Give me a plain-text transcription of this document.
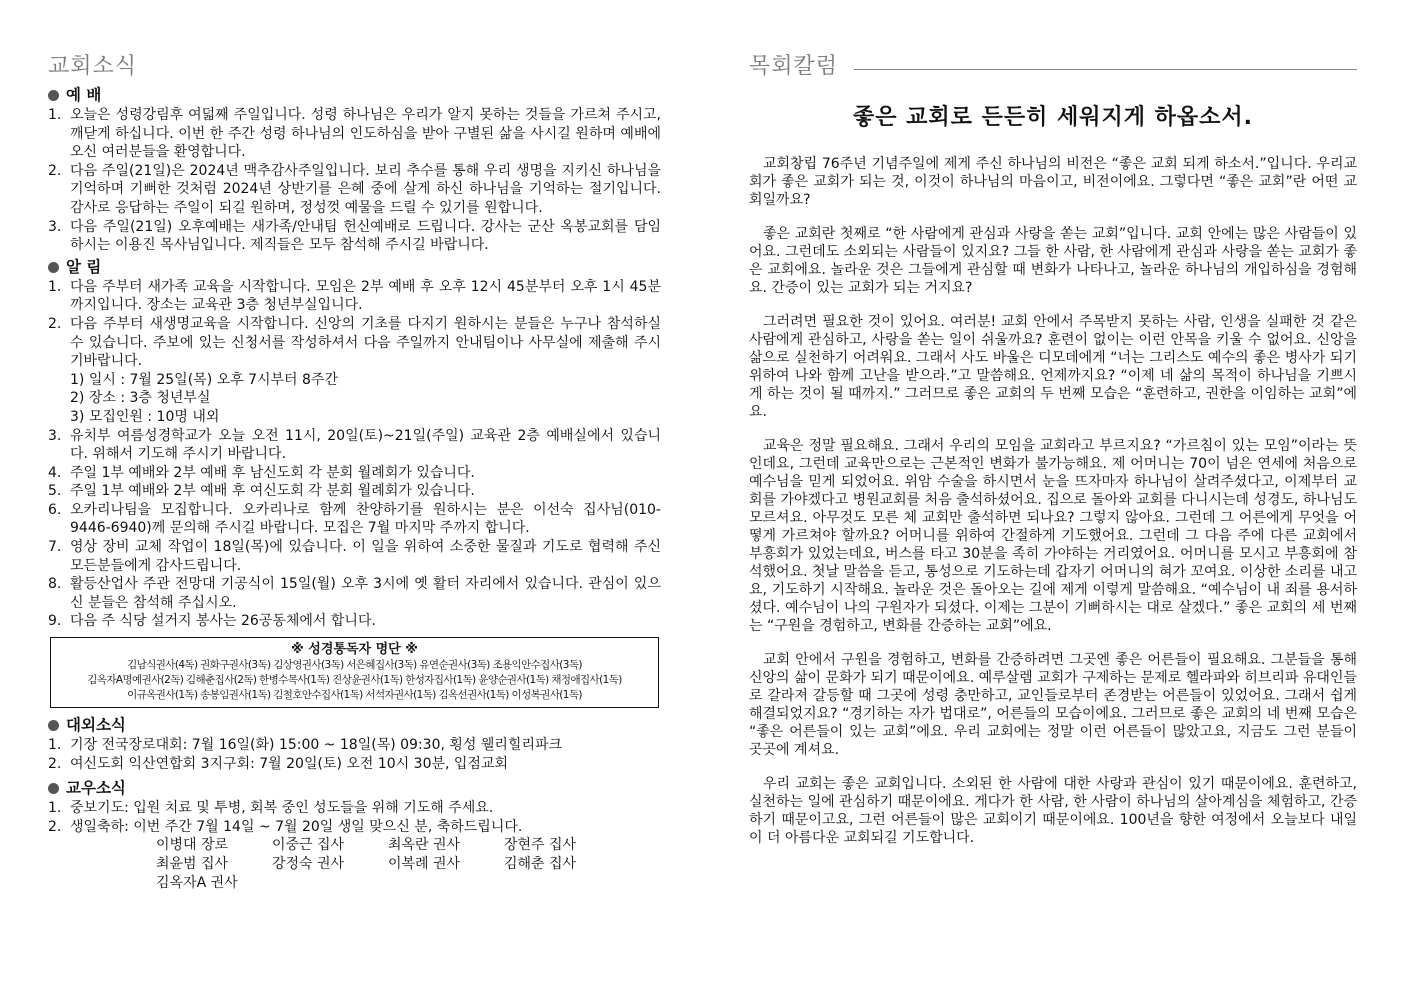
교회소식
예 배
1. 오늘은 성령강림후 여덟째 주일입니다. 성령 하나님은 우리가 알지 못하는 것들을 가르쳐 주시고, 깨닫게 하십니다. 이번 한 주간 성령 하나님의 인도하심을 받아 구별된 삶을 사시길 원하며 예배에 오신 여러분들을 환영합니다.
2. 다음 주일(21일)은 2024년 맥추감사주일입니다. 보리 추수를 통해 우리 생명을 지키신 하나님을 기억하며 기뻐한 것처럼 2024년 상반기를 은혜 중에 살게 하신 하나님을 기억하는 절기입니다. 감사로 응답하는 주일이 되길 원하며, 정성껏 예물을 드릴 수 있기를 원합니다.
3. 다음 주일(21일) 오후예배는 새가족/안내팀 헌신예배로 드립니다. 강사는 군산 옥봉교회를 담임하시는 이용진 목사님입니다. 제직들은 모두 참석해 주시길 바랍니다.
알 림
1. 다음 주부터 새가족 교육을 시작합니다. 모임은 2부 예배 후 오후 12시 45분부터 오후 1시 45분까지입니다. 장소는 교육관 3층 청년부실입니다.
2. 다음 주부터 새생명교육을 시작합니다. 신앙의 기초를 다지기 원하시는 분들은 누구나 참석하실 수 있습니다. 주보에 있는 신청서를 작성하셔서 다음 주일까지 안내팀이나 사무실에 제출해 주시기바랍니다.
1) 일시 : 7월 25일(목) 오후 7시부터 8주간
2) 장소 : 3층 청년부실
3) 모집인원 : 10명 내외
3. 유치부 여름성경학교가 오늘 오전 11시, 20일(토)~21일(주일) 교육관 2층 예배실에서 있습니다. 위해서 기도해 주시기 바랍니다.
4. 주일 1부 예배와 2부 예배 후 남신도회 각 분회 월례회가 있습니다.
5. 주일 1부 예배와 2부 예배 후 여신도회 각 분회 월례회가 있습니다.
6. 오카리나팀을 모집합니다. 오카리나로 함께 찬양하기를 원하시는 분은 이선숙 집사님(010-9446-6940)께 문의해 주시길 바랍니다. 모집은 7월 마지막 주까지 합니다.
7. 영상 장비 교체 작업이 18일(목)에 있습니다. 이 일을 위하여 소중한 물질과 기도로 협력해 주신 모든분들에게 감사드립니다.
8. 활등산업사 주관 전망대 기공식이 15일(월) 오후 3시에 옛 활터 자리에서 있습니다. 관심이 있으신 분들은 참석해 주십시오.
9. 다음 주 식당 설거지 봉사는 26공동체에서 합니다.
※ 성경통독자 명단 ※
김남식권사(4독) 권화구권사(3독) 김상영권사(3독) 서은혜집사(3독) 유연순권사(3독) 조용익안수집사(3독)
김옥자A명예권사(2독) 김해춘집사(2독) 한병수목사(1독) 진상윤권사(1독) 한성자집사(1독) 윤양순권사(1독) 채정애집사(1독)
이규옥권사(1독) 송봉임권사(1독) 김철호안수집사(1독) 서석자권사(1독) 김옥선권사(1독) 이성복권사(1독)
대외소식
1. 기장 전국장로대회: 7월 16일(화) 15:00 ~ 18일(목) 09:30, 횡성 웰리힐리파크
2. 여신도회 익산연합회 3지구회: 7월 20일(토) 오전 10시 30분, 입점교회
교우소식
1. 중보기도: 입원 치료 및 투병, 회복 중인 성도들을 위해 기도해 주세요.
2. 생일축하: 이번 주간 7월 14일 ~ 7월 20일 생일 맞으신 분, 축하드립니다.
이병대 장로	이중근 집사	최옥란 권사	장현주 집사
최윤범 집사	강정숙 권사	이복례 권사	김해춘 집사
김옥자A 권사
목회칼럼
좋은 교회로 든든히 세워지게 하옵소서.

교회창립 76주년 기념주일에 제게 주신 하나님의 비전은 “좋은 교회 되게 하소서.”입니다. 우리교회가 좋은 교회가 되는 것, 이것이 하나님의 마음이고, 비전이에요. 그렇다면 “좋은 교회”란 어떤 교회일까요?

좋은 교회란 첫째로 “한 사람에게 관심과 사랑을 쏟는 교회”입니다. 교회 안에는 많은 사람들이 있어요. 그런데도 소외되는 사람들이 있지요? 그들 한 사람, 한 사람에게 관심과 사랑을 쏟는 교회가 좋은 교회에요. 놀라운 것은 그들에게 관심할 때 변화가 나타나고, 놀라운 하나님의 개입하심을 경험해요. 간증이 있는 교회가 되는 거지요?

그러려면 필요한 것이 있어요. 여러분! 교회 안에서 주목받지 못하는 사람, 인생을 실패한 것 같은 사람에게 관심하고, 사랑을 쏟는 일이 쉬울까요? 훈련이 없이는 이런 안목을 키울 수 없어요. 신앙을 삶으로 실천하기 어려워요. 그래서 사도 바울은 디모데에게 “너는 그리스도 예수의 좋은 병사가 되기 위하여 나와 함께 고난을 받으라.”고 말씀해요. 언제까지요? “이제 네 삶의 목적이 하나님을 기쁘시게 하는 것이 될 때까지.” 그러므로 좋은 교회의 두 번째 모습은 “훈련하고, 권한을 이임하는 교회”에요.

교육은 정말 필요해요. 그래서 우리의 모임을 교회라고 부르지요? “가르침이 있는 모임”이라는 뜻인데요, 그런데 교육만으로는 근본적인 변화가 불가능해요. 제 어머니는 70이 넘은 연세에 처음으로 예수님을 믿게 되었어요. 위암 수술을 하시면서 눈을 뜨자마자 하나님이 살려주셨다고, 이제부터 교회를 가야겠다고 병원교회를 처음 출석하셨어요. 집으로 돌아와 교회를 다니시는데 성경도, 하나님도 모르셔요. 아무것도 모른 체 교회만 출석하면 되나요? 그렇지 않아요. 그런데 그 어른에게 무엇을 어떻게 가르쳐야 할까요? 어머니를 위하여 간절하게 기도했어요. 그런데 그 다음 주에 다른 교회에서 부흥회가 있었는데요, 버스를 타고 30분을 족히 가야하는 거리였어요. 어머니를 모시고 부흥회에 참석했어요. 첫날 말씀을 듣고, 통성으로 기도하는데 갑자기 어머니의 혀가 꼬여요. 이상한 소리를 내고요, 기도하기 시작해요. 놀라운 것은 돌아오는 길에 제게 이렇게 말씀해요. “예수님이 내 죄를 용서하셨다. 예수님이 나의 구원자가 되셨다. 이제는 그분이 기뻐하시는 대로 살겠다.” 좋은 교회의 세 번째는 “구원을 경험하고, 변화를 간증하는 교회”에요.

교회 안에서 구원을 경험하고, 변화를 간증하려면 그곳엔 좋은 어른들이 필요해요. 그분들을 통해 신앙의 삶이 문화가 되기 때문이에요. 예루살렘 교회가 구제하는 문제로 헬라파와 히브리파 유대인들로 갈라져 갈등할 때 그곳에 성령 충만하고, 교인들로부터 존경받는 어른들이 있었어요. 그래서 쉽게 해결되었지요? “경기하는 자가 법대로”, 어른들의 모습이에요. 그러므로 좋은 교회의 네 번째 모습은 “좋은 어른들이 있는 교회”에요. 우리 교회에는 정말 이런 어른들이 많았고요, 지금도 그런 분들이 곳곳에 계셔요.

우리 교회는 좋은 교회입니다. 소외된 한 사람에 대한 사랑과 관심이 있기 때문이에요. 훈련하고, 실천하는 일에 관심하기 때문이에요. 게다가 한 사람, 한 사람이 하나님의 살아계심을 체험하고, 간증하기 때문이고요, 그런 어른들이 많은 교회이기 때문이에요. 100년을 향한 여정에서 오늘보다 내일이 더 아름다운 교회되길 기도합니다.
